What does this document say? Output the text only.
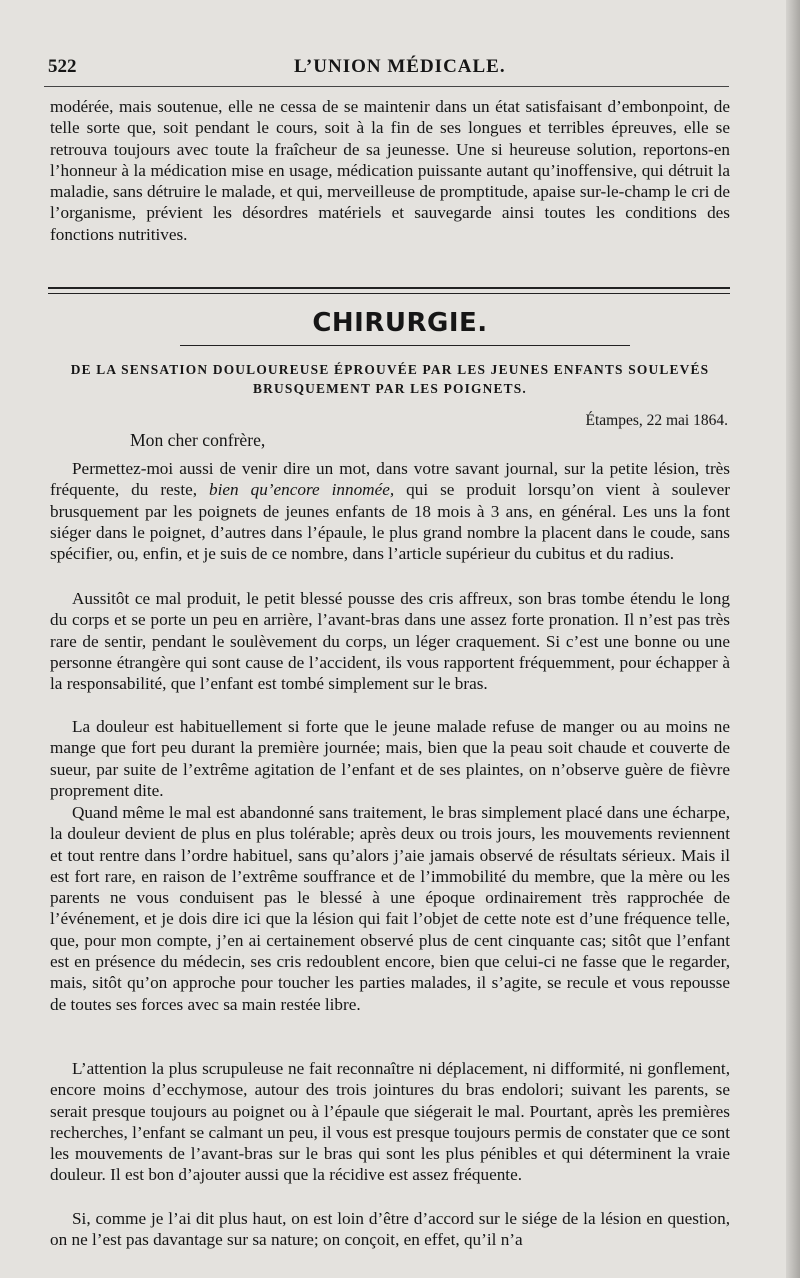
522	L’UNION MÉDICALE.

modérée, mais soutenue, elle ne cessa de se maintenir dans un état satisfaisant d’embonpoint, de telle sorte que, soit pendant le cours, soit à la fin de ses longues et terribles épreuves, elle se retrouva toujours avec toute la fraîcheur de sa jeunesse. Une si heureuse solution, reportons-en l’honneur à la médication mise en usage, médication puissante autant qu’inoffensive, qui détruit la maladie, sans détruire le malade, et qui, merveilleuse de promptitude, apaise sur-le-champ le cri de l’organisme, prévient les désordres matériels et sauvegarde ainsi toutes les conditions des fonctions nutritives.

CHIRURGIE.

DE LA SENSATION DOULOUREUSE ÉPROUVÉE PAR LES JEUNES ENFANTS SOULEVÉS BRUSQUEMENT PAR LES POIGNETS.

Étampes, 22 mai 1864.
Mon cher confrère,

Permettez-moi aussi de venir dire un mot, dans votre savant journal, sur la petite lésion, très fréquente, du reste, bien qu’encore innomée, qui se produit lorsqu’on vient à soulever brusquement par les poignets de jeunes enfants de 18 mois à 3 ans, en général. Les uns la font siéger dans le poignet, d’autres dans l’épaule, le plus grand nombre la placent dans le coude, sans spécifier, ou, enfin, et je suis de ce nombre, dans l’article supérieur du cubitus et du radius.

Aussitôt ce mal produit, le petit blessé pousse des cris affreux, son bras tombe étendu le long du corps et se porte un peu en arrière, l’avant-bras dans une assez forte pronation. Il n’est pas très rare de sentir, pendant le soulèvement du corps, un léger craquement. Si c’est une bonne ou une personne étrangère qui sont cause de l’accident, ils vous rapportent fréquemment, pour échapper à la responsabilité, que l’enfant est tombé simplement sur le bras.

La douleur est habituellement si forte que le jeune malade refuse de manger ou au moins ne mange que fort peu durant la première journée; mais, bien que la peau soit chaude et couverte de sueur, par suite de l’extrême agitation de l’enfant et de ses plaintes, on n’observe guère de fièvre proprement dite.

Quand même le mal est abandonné sans traitement, le bras simplement placé dans une écharpe, la douleur devient de plus en plus tolérable; après deux ou trois jours, les mouvements reviennent et tout rentre dans l’ordre habituel, sans qu’alors j’aie jamais observé de résultats sérieux. Mais il est fort rare, en raison de l’extrême souffrance et de l’immobilité du membre, que la mère ou les parents ne vous conduisent pas le blessé à une époque ordinairement très rapprochée de l’événement, et je dois dire ici que la lésion qui fait l’objet de cette note est d’une fréquence telle, que, pour mon compte, j’en ai certainement observé plus de cent cinquante cas; sitôt que l’enfant est en présence du médecin, ses cris redoublent encore, bien que celui-ci ne fasse que le regarder, mais, sitôt qu’on approche pour toucher les parties malades, il s’agite, se recule et vous repousse de toutes ses forces avec sa main restée libre.

L’attention la plus scrupuleuse ne fait reconnaître ni déplacement, ni difformité, ni gonflement, encore moins d’ecchymose, autour des trois jointures du bras endolori; suivant les parents, se serait presque toujours au poignet ou à l’épaule que siégerait le mal. Pourtant, après les premières recherches, l’enfant se calmant un peu, il vous est presque toujours permis de constater que ce sont les mouvements de l’avant-bras sur le bras qui sont les plus pénibles et qui déterminent la vraie douleur. Il est bon d’ajouter aussi que la récidive est assez fréquente.

Si, comme je l’ai dit plus haut, on est loin d’être d’accord sur le siége de la lésion en question, on ne l’est pas davantage sur sa nature; on conçoit, en effet, qu’il n’a
